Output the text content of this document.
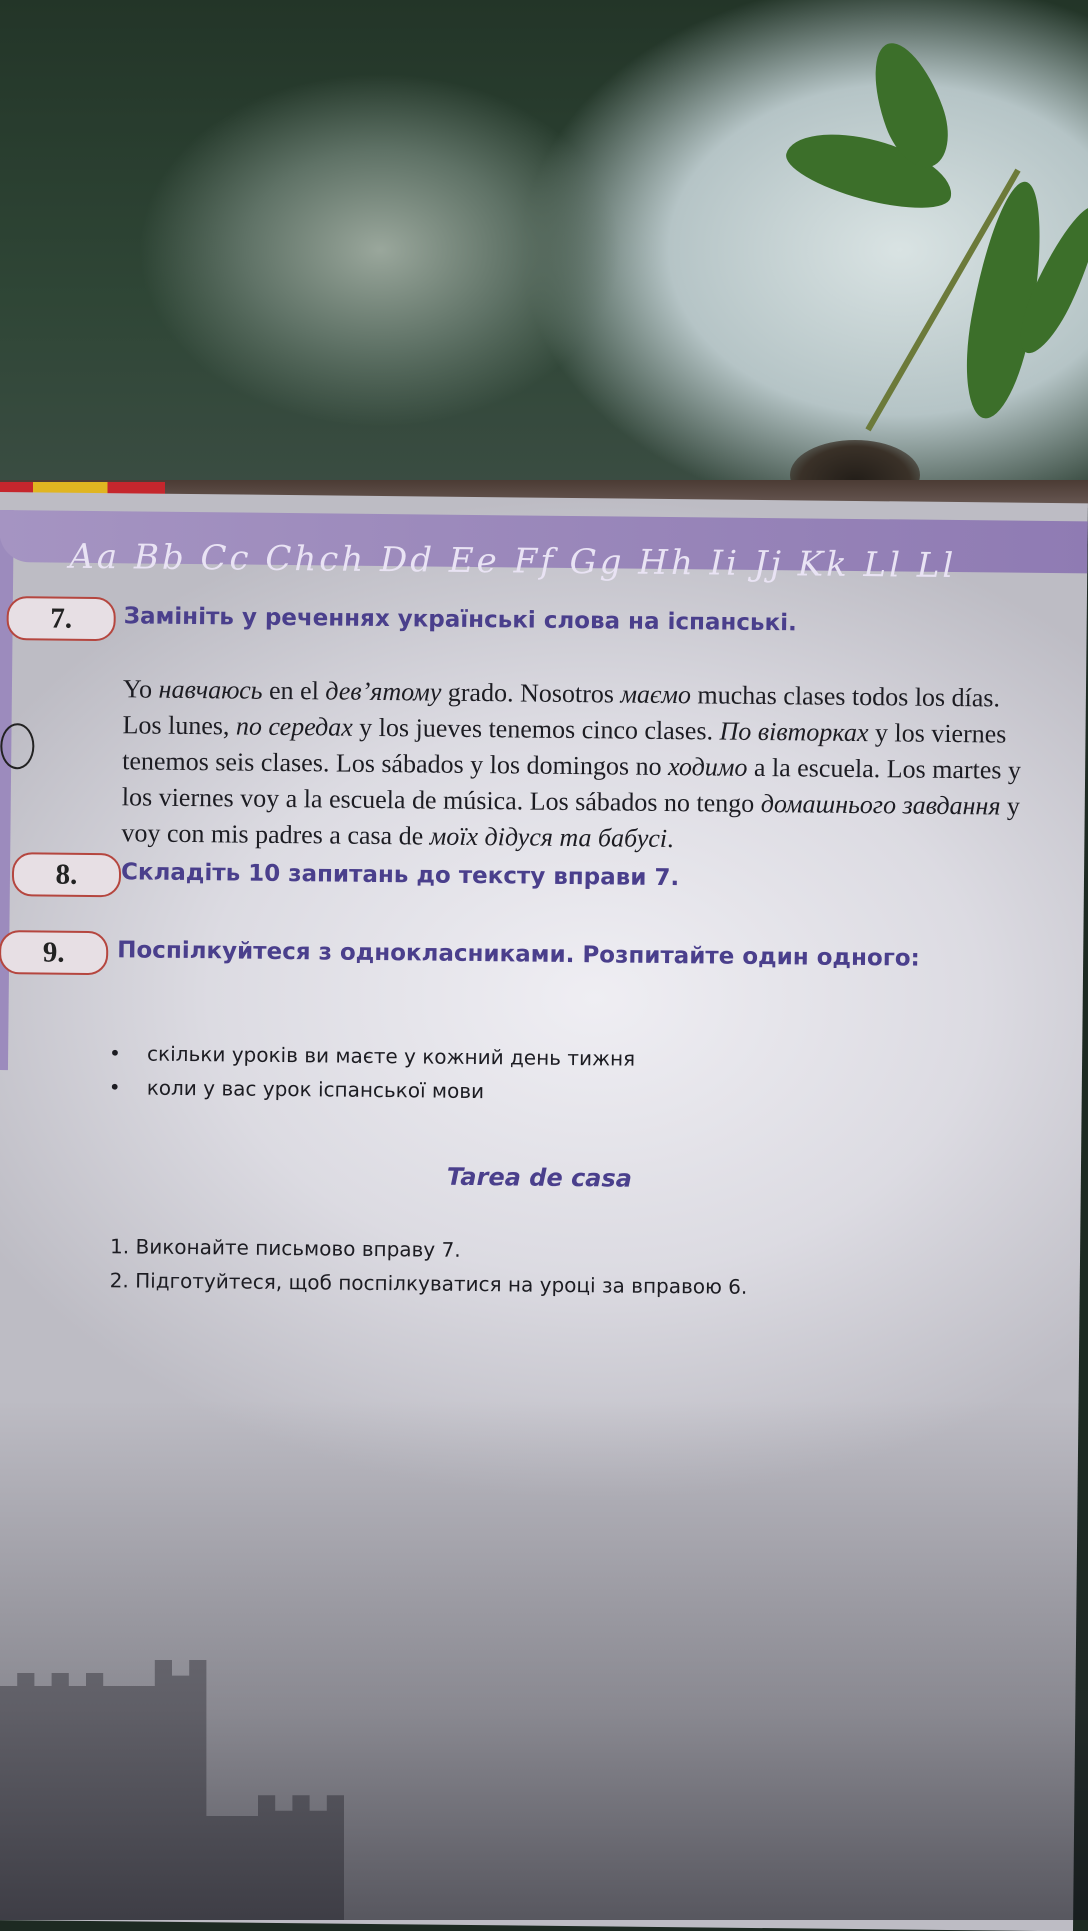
Aa Bb Cc Chch Dd Ee Ff Gg Hh Ii Jj Kk Ll Ll
7.	Замініть у реченнях українські слова на іспанські.
Yo навчаюсь en el дев’ятому grado. Nosotros маємо muchas clases todos los días.
Los lunes, по середах y los jueves tenemos cinco clases. По вівторках y los viernes
tenemos seis clases. Los sábados y los domingos no ходимо a la escuela. Los martes y
los viernes voy a la escuela de música. Los sábados no tengo домашнього завдання y
voy con mis padres a casa de моїх дідуся та бабусі.
8.	Складіть 10 запитань до тексту вправи 7.
9.	Поспілкуйтеся з однокласниками. Розпитайте один одного:
• скільки уроків ви маєте у кожний день тижня
• коли у вас урок іспанської мови
Tarea de casa
1. Виконайте письмово вправу 7.
2. Підготуйтеся, щоб поспілкуватися на уроці за вправою 6.
